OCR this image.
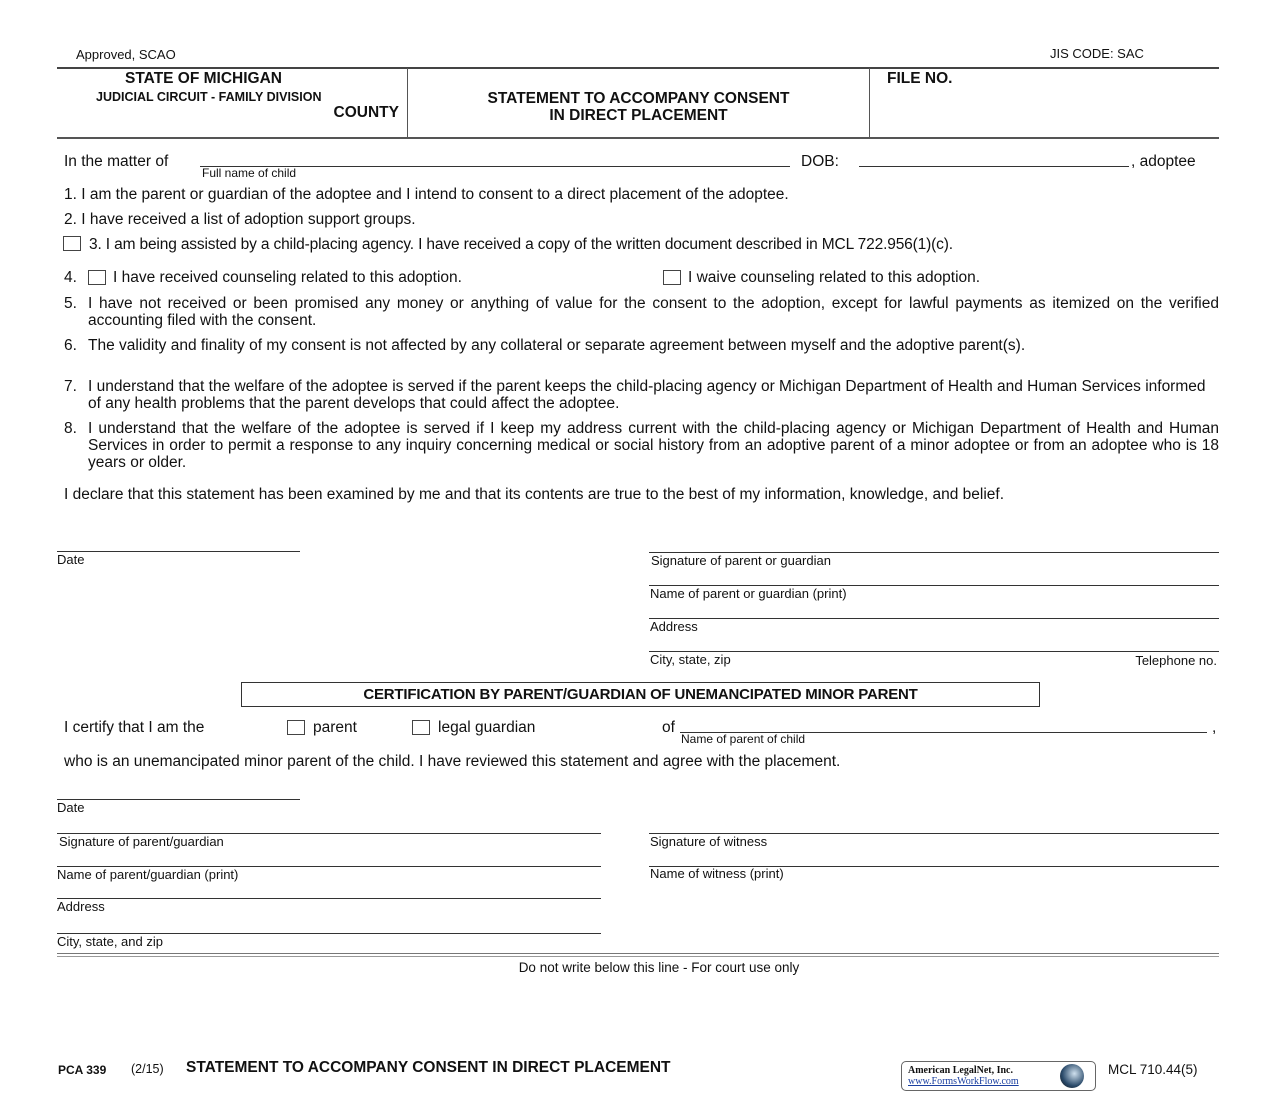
Approved, SCAO	JIS CODE: SAC
STATE OF MICHIGAN
JUDICIAL CIRCUIT - FAMILY DIVISION
COUNTY
STATEMENT TO ACCOMPANY CONSENT
IN DIRECT PLACEMENT
FILE NO.
In the matter of
Full name of child
DOB:	, adoptee
1. I am the parent or guardian of the adoptee and I intend to consent to a direct placement of the adoptee.
2. I have received a list of adoption support groups.
3. I am being assisted by a child-placing agency. I have received a copy of the written document described in MCL 722.956(1)(c).
4. I have received counseling related to this adoption.	I waive counseling related to this adoption.
5. I have not received or been promised any money or anything of value for the consent to the adoption, except for lawful payments as itemized on the verified accounting filed with the consent.
6. The validity and finality of my consent is not affected by any collateral or separate agreement between myself and the adoptive parent(s).
7. I understand that the welfare of the adoptee is served if the parent keeps the child-placing agency or Michigan Department of Health and Human Services informed of any health problems that the parent develops that could affect the adoptee.
8. I understand that the welfare of the adoptee is served if I keep my address current with the child-placing agency or Michigan Department of Health and Human Services in order to permit a response to any inquiry concerning medical or social history from an adoptive parent of a minor adoptee or from an adoptee who is 18 years or older.
I declare that this statement has been examined by me and that its contents are true to the best of my information, knowledge, and belief.
Date	Signature of parent or guardian
Name of parent or guardian (print)
Address
City, state, zip	Telephone no.
CERTIFICATION BY PARENT/GUARDIAN OF UNEMANCIPATED MINOR PARENT
I certify that I am the	parent	legal guardian	of
Name of parent of child
,
who is an unemancipated minor parent of the child. I have reviewed this statement and agree with the placement.
Date
Signature of parent/guardian
Name of parent/guardian (print)
Address
City, state, and zip
Signature of witness
Name of witness (print)
Do not write below this line - For court use only
PCA 339 (2/15) STATEMENT TO ACCOMPANY CONSENT IN DIRECT PLACEMENT	American LegalNet, Inc.
www.FormsWorkFlow.com
MCL 710.44(5)
